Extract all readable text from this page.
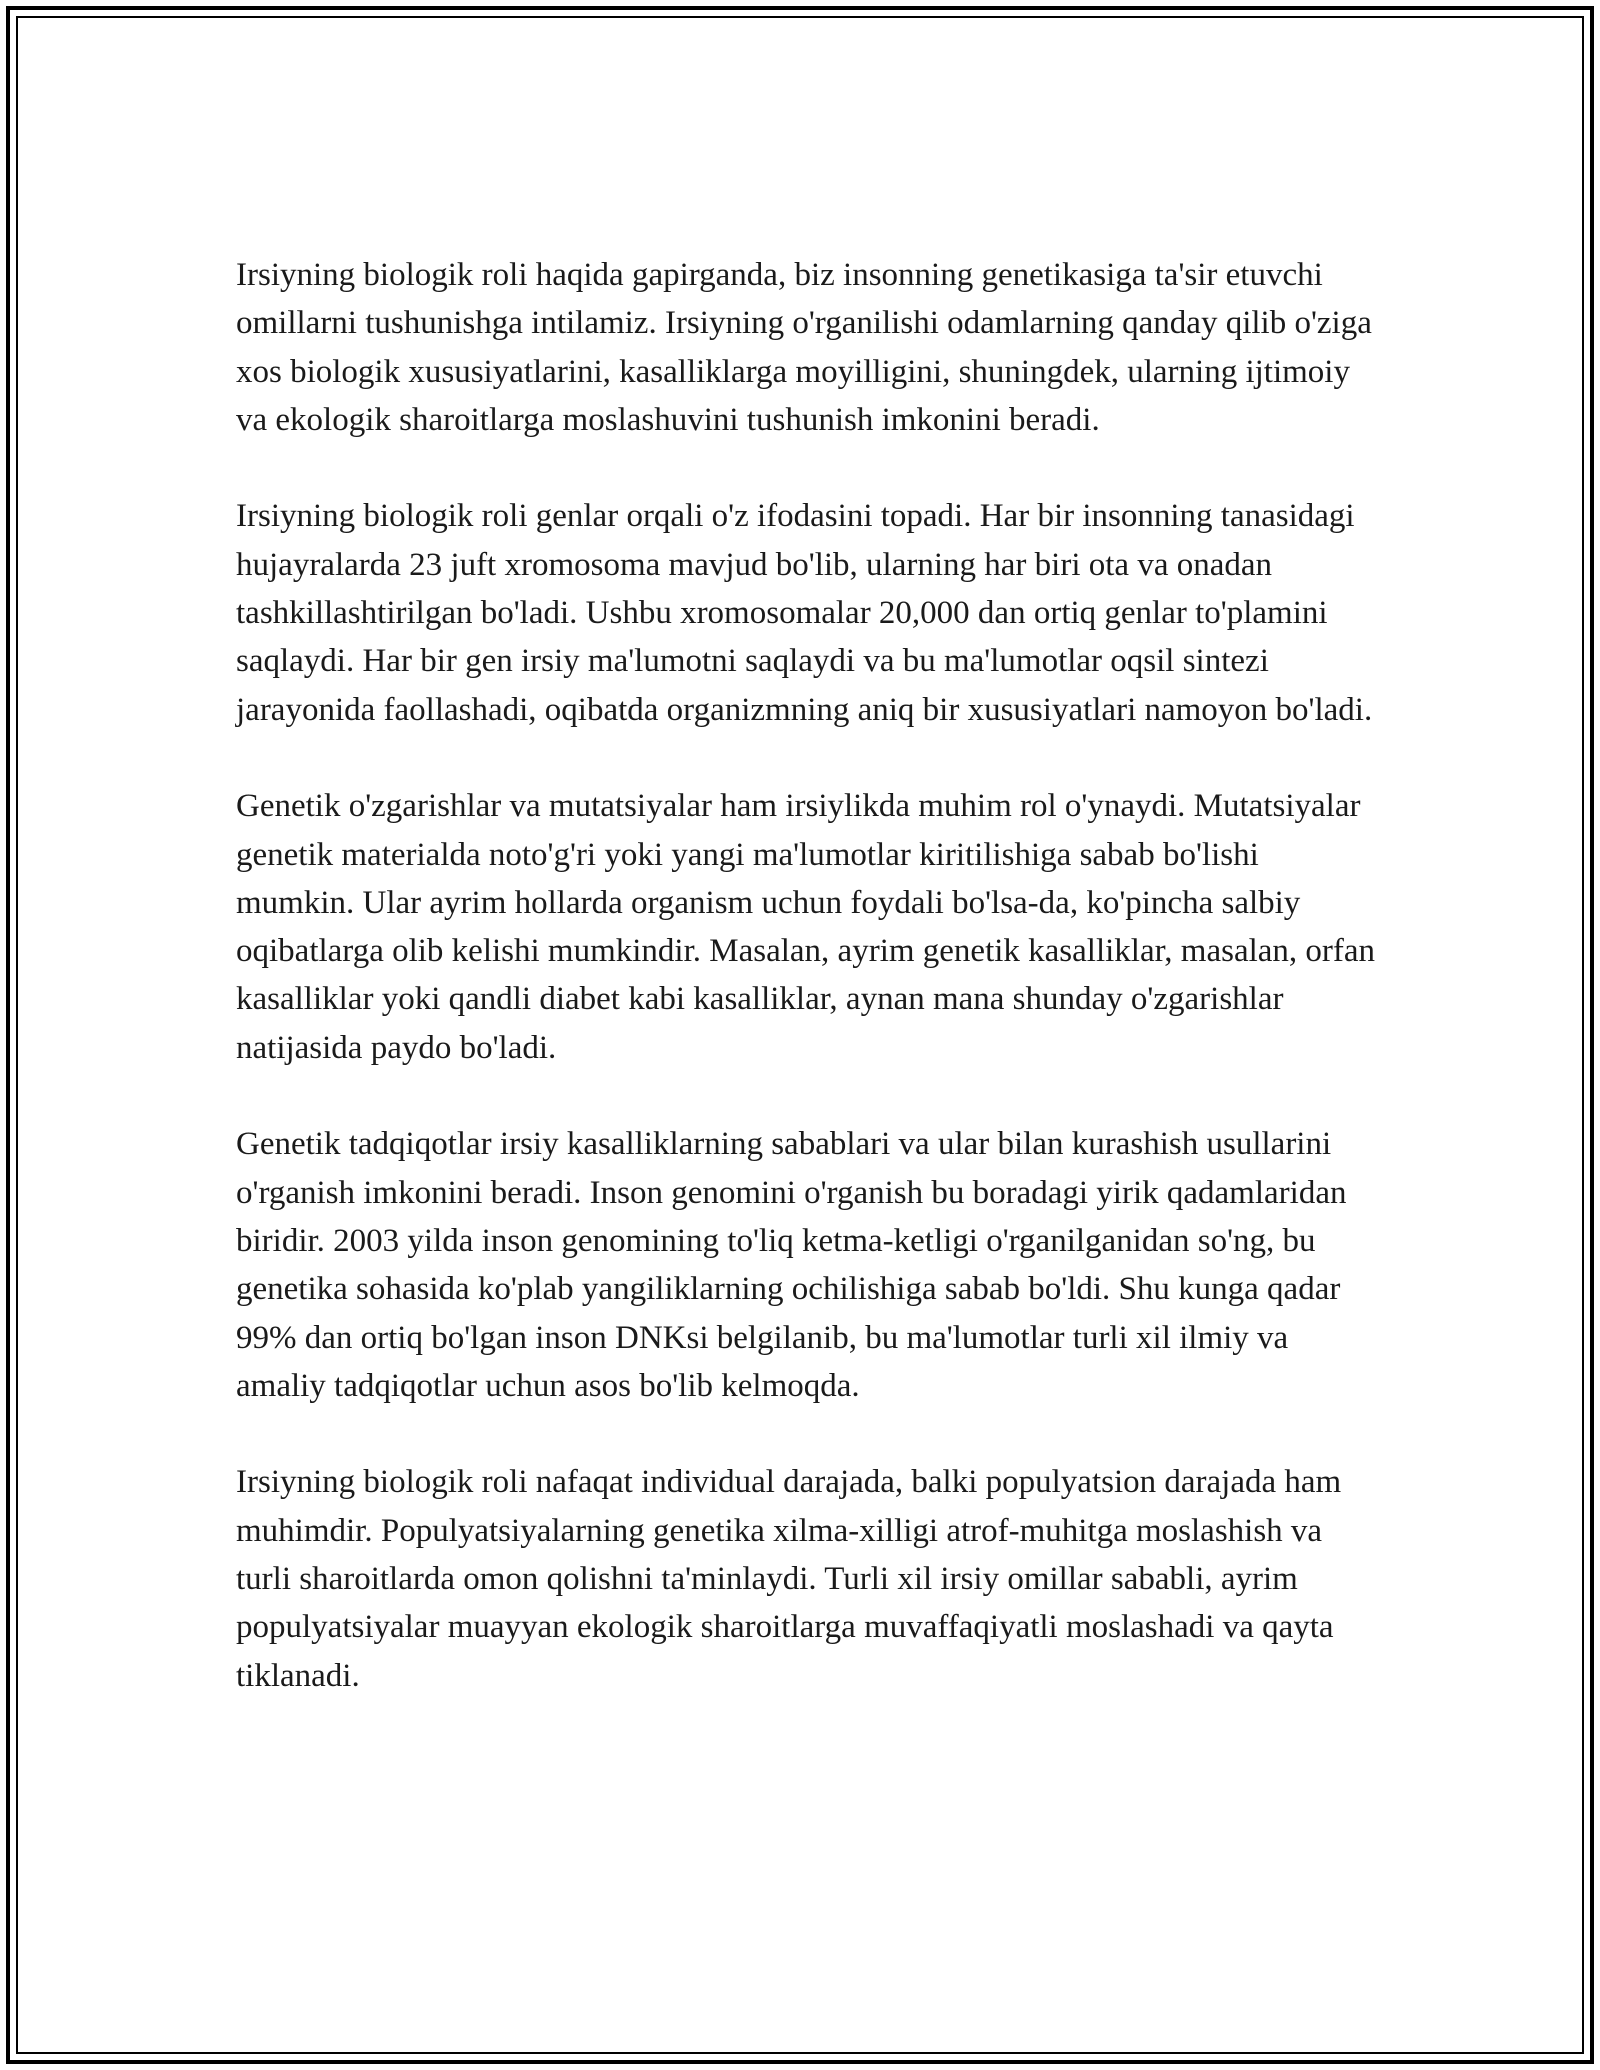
Irsiyning biologik roli haqida gapirganda, biz insonning genetikasiga ta'sir etuvchi omillarni tushunishga intilamiz. Irsiyning o'rganilishi odamlarning qanday qilib o'ziga xos biologik xususiyatlarini, kasalliklarga moyilligini, shuningdek, ularning ijtimoiy va ekologik sharoitlarga moslashuvini tushunish imkonini beradi.

Irsiyning biologik roli genlar orqali o'z ifodasini topadi. Har bir insonning tanasidagi hujayralarda 23 juft xromosoma mavjud bo'lib, ularning har biri ota va onadan tashkillashtirilgan bo'ladi. Ushbu xromosomalar 20,000 dan ortiq genlar to'plamini saqlaydi. Har bir gen irsiy ma'lumotni saqlaydi va bu ma'lumotlar oqsil sintezi jarayonida faollashadi, oqibatda organizmning aniq bir xususiyatlari namoyon bo'ladi.

Genetik o'zgarishlar va mutatsiyalar ham irsiylikda muhim rol o'ynaydi. Mutatsiyalar genetik materialda noto'g'ri yoki yangi ma'lumotlar kiritilishiga sabab bo'lishi mumkin. Ular ayrim hollarda organism uchun foydali bo'lsa-da, ko'pincha salbiy oqibatlarga olib kelishi mumkindir. Masalan, ayrim genetik kasalliklar, masalan, orfan kasalliklar yoki qandli diabet kabi kasalliklar, aynan mana shunday o'zgarishlar natijasida paydo bo'ladi.

Genetik tadqiqotlar irsiy kasalliklarning sabablari va ular bilan kurashish usullarini o'rganish imkonini beradi. Inson genomini o'rganish bu boradagi yirik qadamlaridan biridir. 2003 yilda inson genomining to'liq ketma-ketligi o'rganilganidan so'ng, bu genetika sohasida ko'plab yangiliklarning ochilishiga sabab bo'ldi. Shu kunga qadar 99% dan ortiq bo'lgan inson DNKsi belgilanib, bu ma'lumotlar turli xil ilmiy va amaliy tadqiqotlar uchun asos bo'lib kelmoqda.

Irsiyning biologik roli nafaqat individual darajada, balki populyatsion darajada ham muhimdir. Populyatsiyalarning genetika xilma-xilligi atrof-muhitga moslashish va turli sharoitlarda omon qolishni ta'minlaydi. Turli xil irsiy omillar sababli, ayrim populyatsiyalar muayyan ekologik sharoitlarga muvaffaqiyatli moslashadi va qayta tiklanadi.
